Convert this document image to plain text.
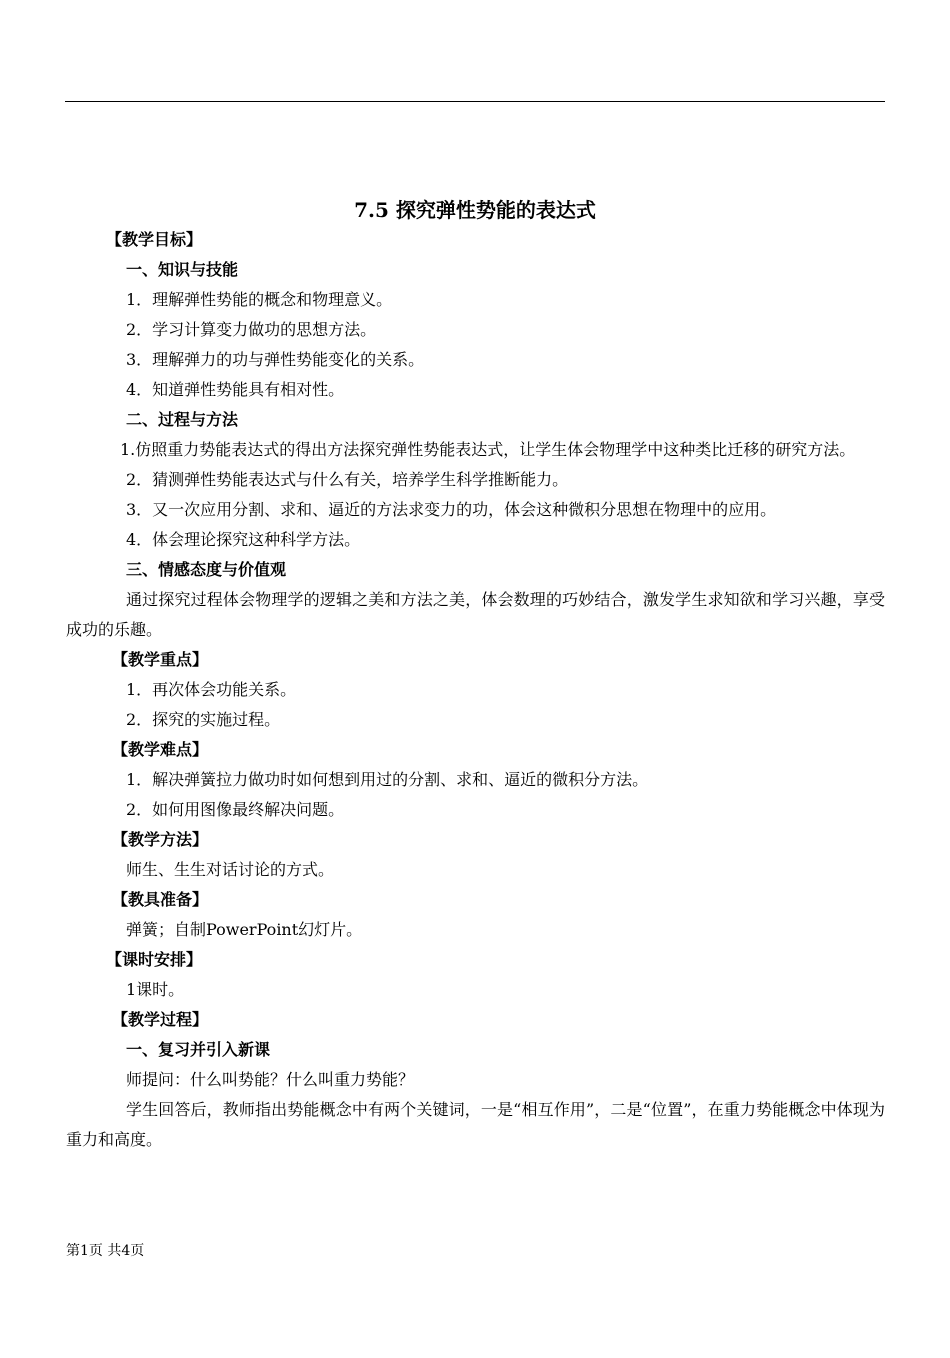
7.5 探究弹性势能的表达式

【教学目标】

一、知识与技能

1．理解弹性势能的概念和物理意义。

2．学习计算变力做功的思想方法。

3．理解弹力的功与弹性势能变化的关系。

4．知道弹性势能具有相对性。

二、过程与方法

1.仿照重力势能表达式的得出方法探究弹性势能表达式，让学生体会物理学中这种类比迁移的研究方法。

2．猜测弹性势能表达式与什么有关，培养学生科学推断能力。

3．又一次应用分割、求和、逼近的方法求变力的功，体会这种微积分思想在物理中的应用。

4．体会理论探究这种科学方法。

三、情感态度与价值观

通过探究过程体会物理学的逻辑之美和方法之美，体会数理的巧妙结合，激发学生求知欲和学习兴趣，享受成功的乐趣。

【教学重点】

1．再次体会功能关系。

2．探究的实施过程。

【教学难点】

1．解决弹簧拉力做功时如何想到用过的分割、求和、逼近的微积分方法。

2．如何用图像最终解决问题。

【教学方法】

师生、生生对话讨论的方式。

【教具准备】

弹簧；自制PowerPoint幻灯片。

【课时安排】

1课时。

【教学过程】

一、复习并引入新课

师提问：什么叫势能？什么叫重力势能？

学生回答后，教师指出势能概念中有两个关键词，一是“相互作用”，二是“位置”，在重力势能概念中体现为重力和高度。

第1页 共4页
